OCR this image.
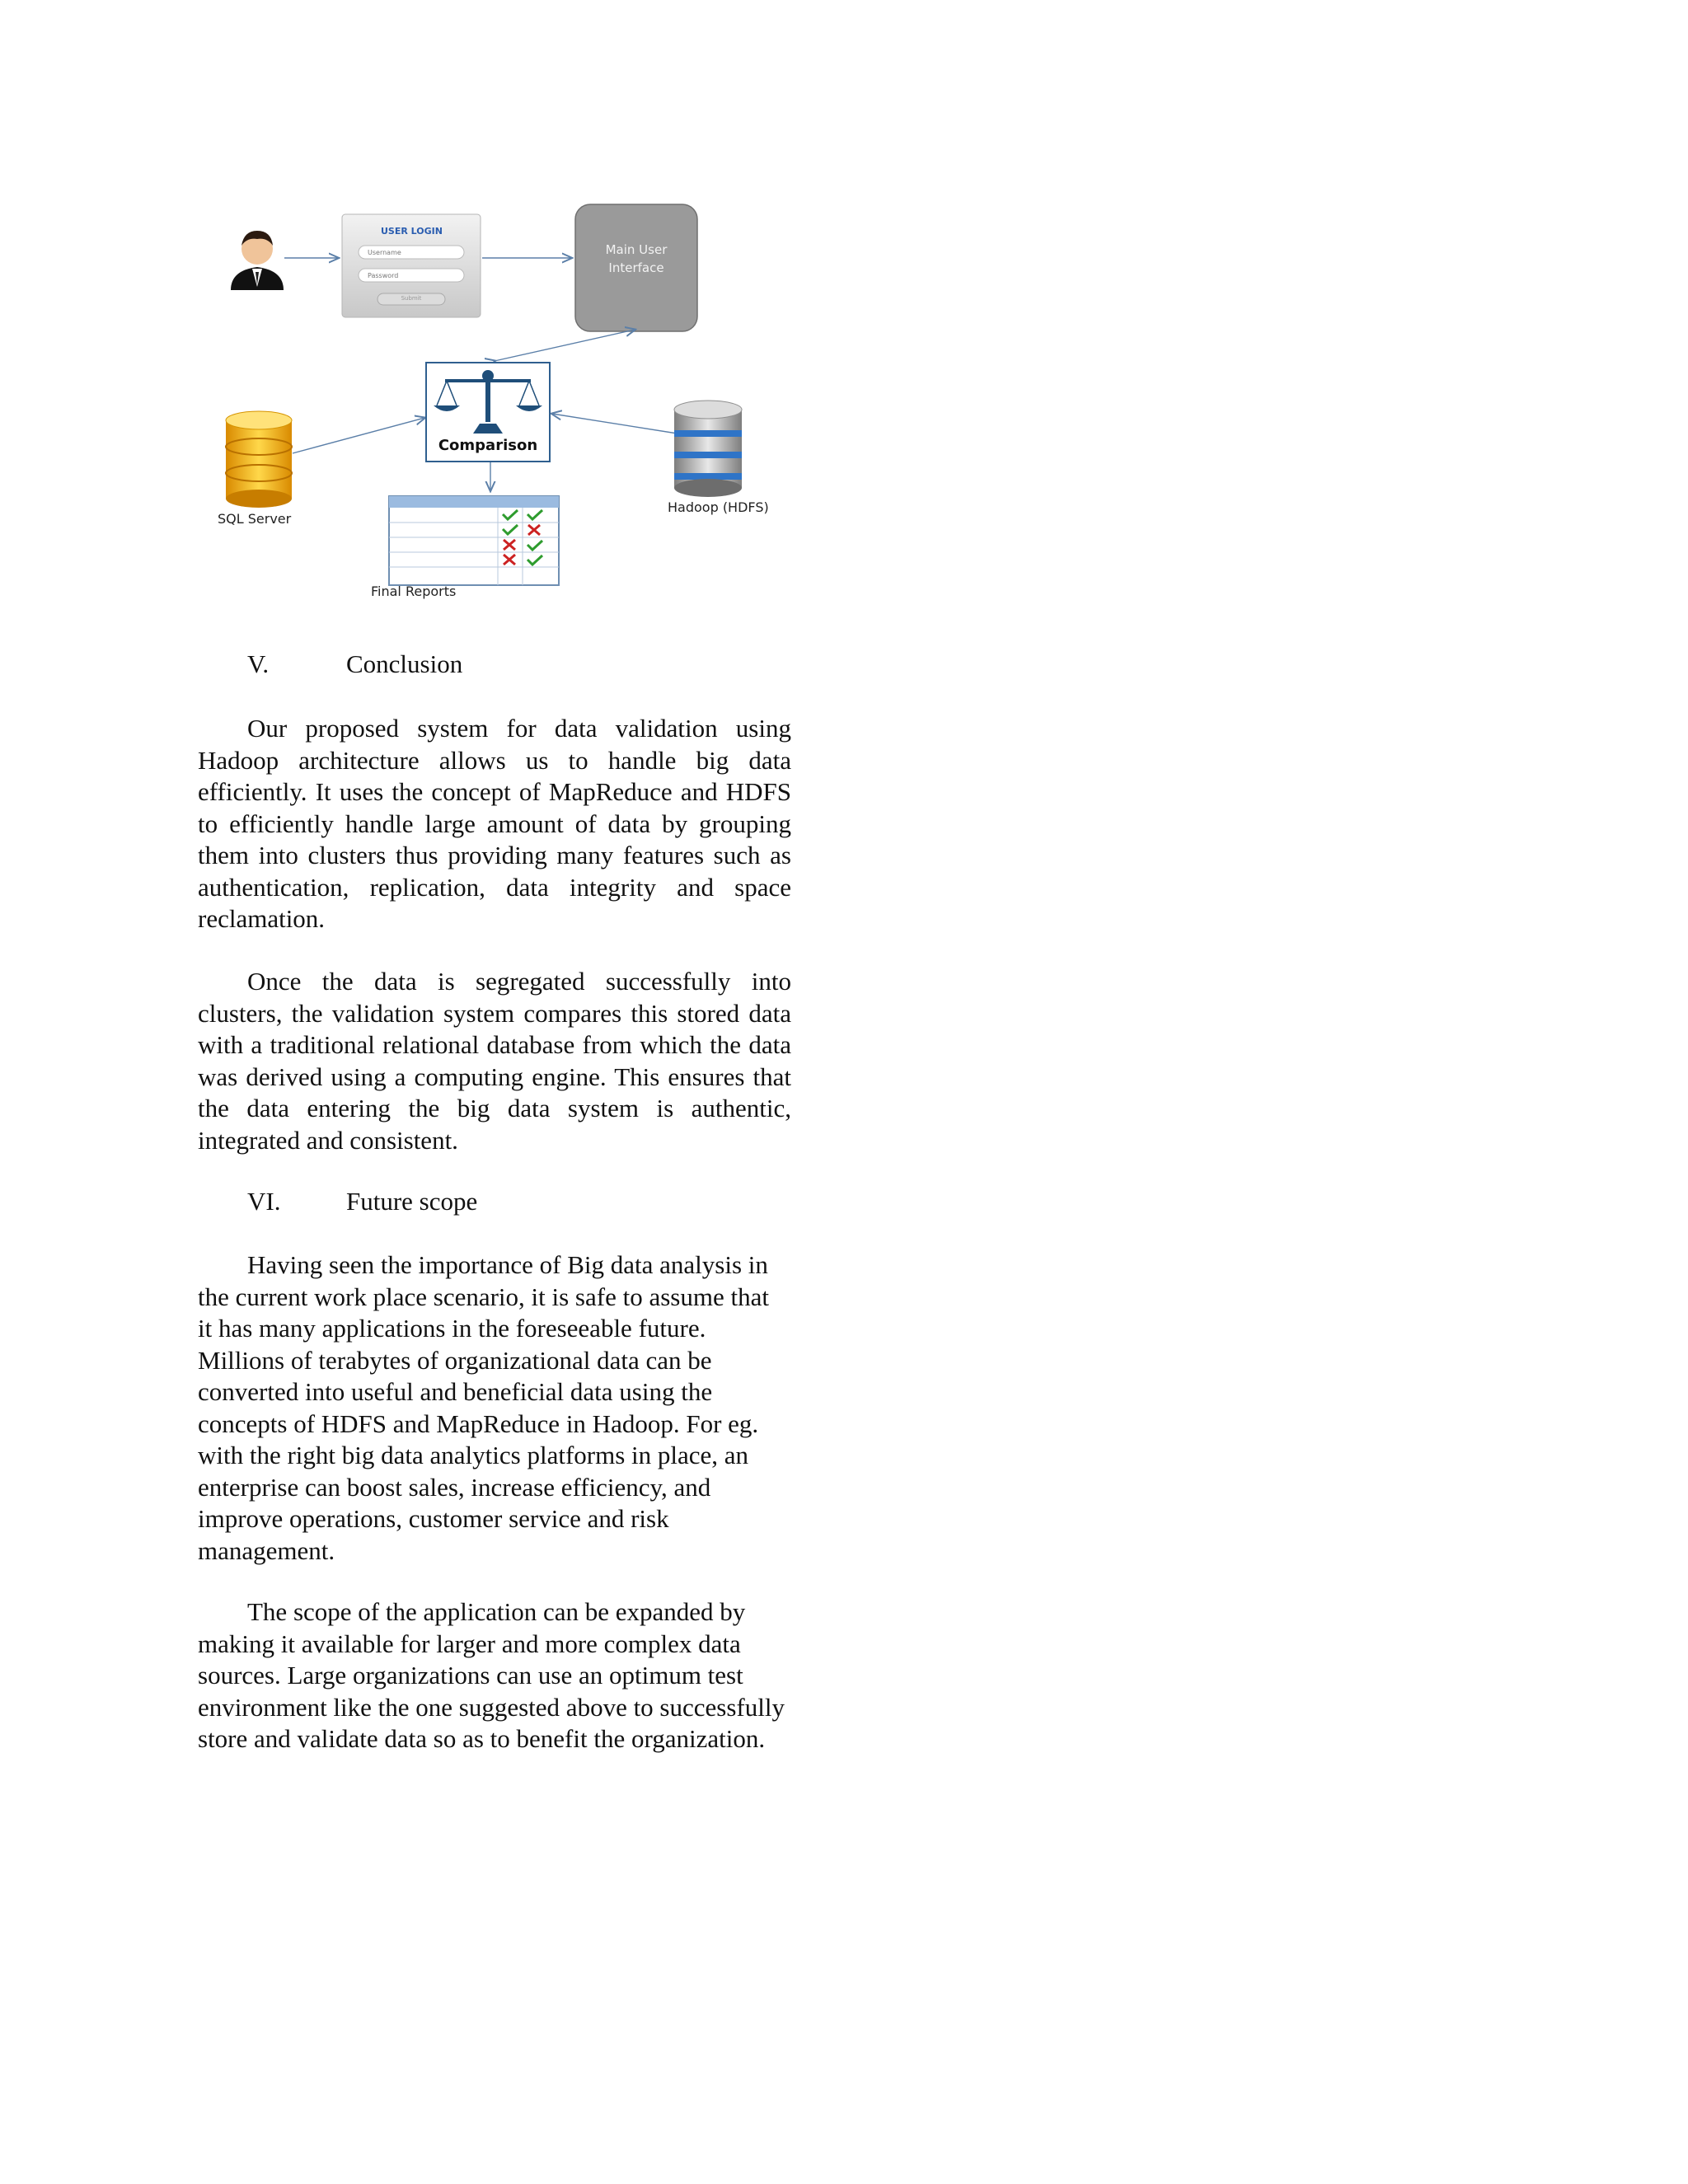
USER LOGIN
Username
Password
Submit
Main User
Interface
Comparison
SQL Server
Hadoop (HDFS)
Final Reports
V.	Conclusion

Our proposed system for data validation using Hadoop architecture allows us to handle big data efficiently. It uses the concept of MapReduce and HDFS to efficiently handle large amount of data by grouping them into clusters thus providing many features such as authentication, replication, data integrity and space reclamation.

Once the data is segregated successfully into clusters, the validation system compares this stored data with a traditional relational database from which the data was derived using a computing engine. This ensures that the data entering the big data system is authentic, integrated and consistent.

VI.	Future scope

Having seen the importance of Big data analysis in the current work place scenario, it is safe to assume that it has many applications in the foreseeable future. Millions of terabytes of organizational data can be converted into useful and beneficial data using the concepts of HDFS and MapReduce in Hadoop. For eg. with the right big data analytics platforms in place, an enterprise can boost sales, increase efficiency, and improve operations, customer service and risk management.

The scope of the application can be expanded by making it available for larger and more complex data sources. Large organizations can use an optimum test environment like the one suggested above to successfully store and validate data so as to benefit the organization.
